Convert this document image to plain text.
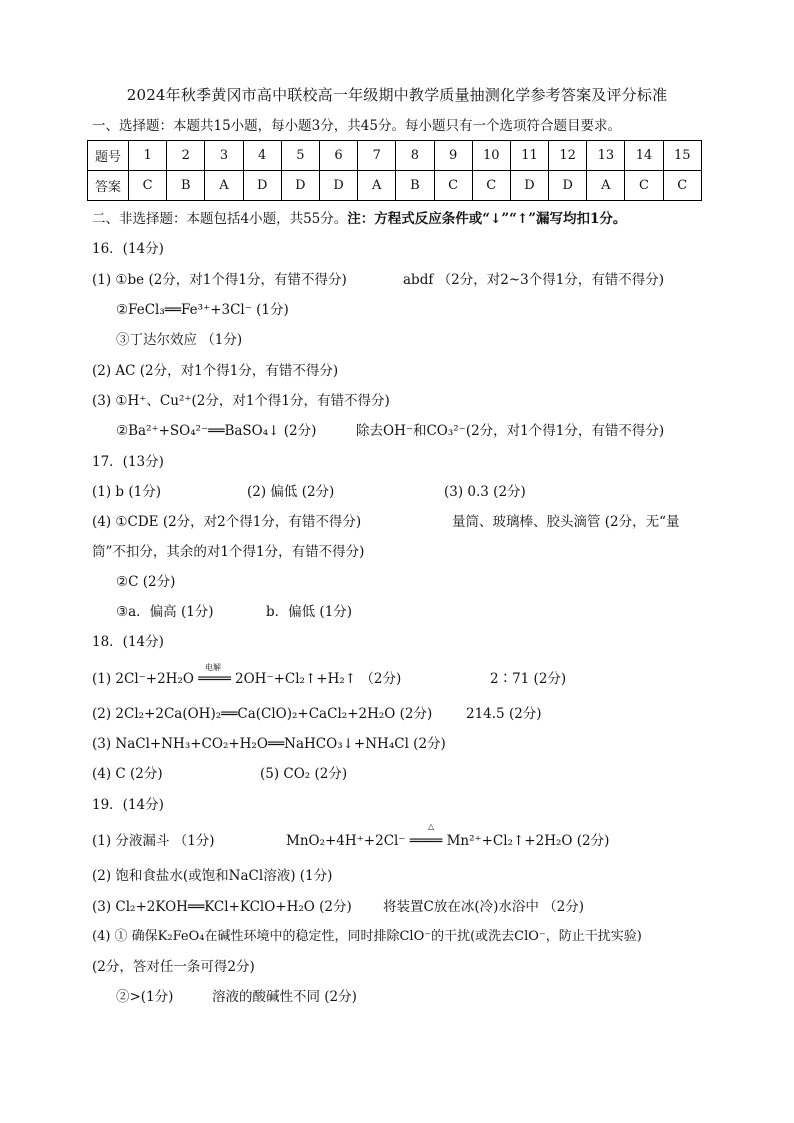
2024年秋季黄冈市高中联校高一年级期中教学质量抽测化学参考答案及评分标准
一、选择题：本题共15小题，每小题3分，共45分。每小题只有一个选项符合题目要求。
题号	1	2	3	4	5	6	7	8	9	10	11	12	13	14	15
答案	C	B	A	D	D	D	A	B	C	C	D	D	A	C	C
二、非选择题：本题包括4小题，共55分。注：方程式反应条件或“↓”“↑”漏写均扣1分。
16．(14分)
(1) ①be (2分，对1个得1分，有错不得分)	abdf （2分，对2~3个得1分，有错不得分)
②FeCl₃══Fe³⁺+3Cl⁻ (1分)
③丁达尔效应 （1分)
(2) AC (2分，对1个得1分，有错不得分)
(3) ①H⁺、Cu²⁺(2分，对1个得1分，有错不得分)
②Ba²⁺+SO₄²⁻══BaSO₄↓ (2分)	除去OH⁻和CO₃²⁻(2分，对1个得1分，有错不得分)
17．(13分)
(1) b (1分)	(2) 偏低 (2分)	(3) 0.3 (2分)
(4) ①CDE (2分，对2个得1分，有错不得分)	量筒、玻璃棒、胶头滴管 (2分，无“量
筒”不扣分，其余的对1个得1分，有错不得分)
②C (2分)
③a．偏高 (1分)	b．偏低 (1分)
18．(14分)
电解
(1) 2Cl⁻+2H₂O ════ 2OH⁻+Cl₂↑+H₂↑ （2分)	2∶71 (2分)
(2) 2Cl₂+2Ca(OH)₂══Ca(ClO)₂+CaCl₂+2H₂O (2分)	214.5 (2分)
(3) NaCl+NH₃+CO₂+H₂O══NaHCO₃↓+NH₄Cl (2分)
(4) C (2分)	(5) CO₂ (2分)
19．(14分)
△
(1) 分液漏斗 （1分)	MnO₂+4H⁺+2Cl⁻ ════ Mn²⁺+Cl₂↑+2H₂O (2分)
(2) 饱和食盐水(或饱和NaCl溶液) (1分)
(3) Cl₂+2KOH══KCl+KClO+H₂O (2分) 将装置C放在冰(冷)水浴中 （2分)
(4) ① 确保K₂FeO₄在碱性环境中的稳定性，同时排除ClO⁻的干扰(或洗去ClO⁻，防止干扰实验)
(2分，答对任一条可得2分)
②>(1分)	溶液的酸碱性不同 (2分)
